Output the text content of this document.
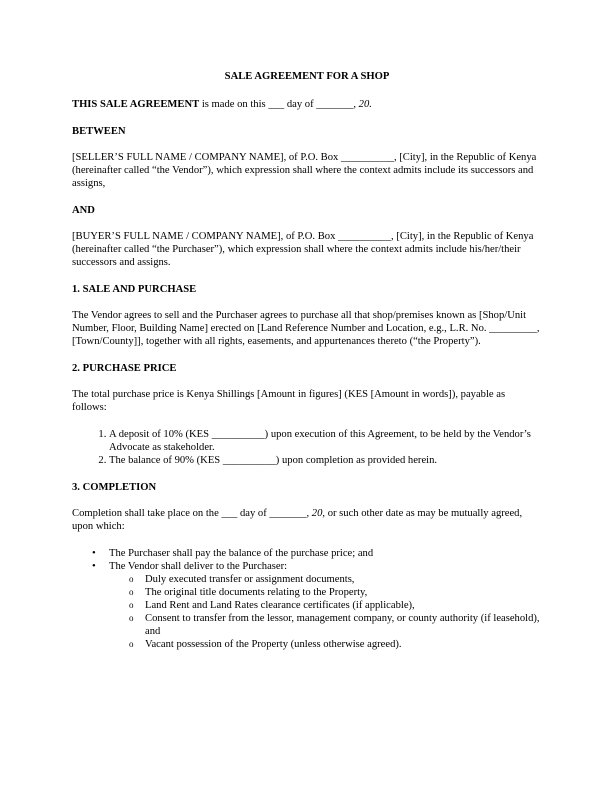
SALE AGREEMENT FOR A SHOP
THIS SALE AGREEMENT is made on this ___ day of _______, 20.
BETWEEN
[SELLER’S FULL NAME / COMPANY NAME], of P.O. Box __________, [City], in the Republic of Kenya (hereinafter called “the Vendor”), which expression shall where the context admits include its successors and assigns,
AND
[BUYER’S FULL NAME / COMPANY NAME], of P.O. Box __________, [City], in the Republic of Kenya (hereinafter called “the Purchaser”), which expression shall where the context admits include his/her/their successors and assigns.
1. SALE AND PURCHASE
The Vendor agrees to sell and the Purchaser agrees to purchase all that shop/premises known as [Shop/Unit Number, Floor, Building Name] erected on [Land Reference Number and Location, e.g., L.R. No. _________, [Town/County]], together with all rights, easements, and appurtenances thereto (“the Property”).
2. PURCHASE PRICE
The total purchase price is Kenya Shillings [Amount in figures] (KES [Amount in words]), payable as follows:
1. A deposit of 10% (KES __________) upon execution of this Agreement, to be held by the Vendor’s Advocate as stakeholder.
2. The balance of 90% (KES __________) upon completion as provided herein.
3. COMPLETION
Completion shall take place on the ___ day of _______, 20, or such other date as may be mutually agreed, upon which:
• The Purchaser shall pay the balance of the purchase price; and
• The Vendor shall deliver to the Purchaser:
o Duly executed transfer or assignment documents,
o The original title documents relating to the Property,
o Land Rent and Land Rates clearance certificates (if applicable),
o Consent to transfer from the lessor, management company, or county authority (if leasehold), and
o Vacant possession of the Property (unless otherwise agreed).
